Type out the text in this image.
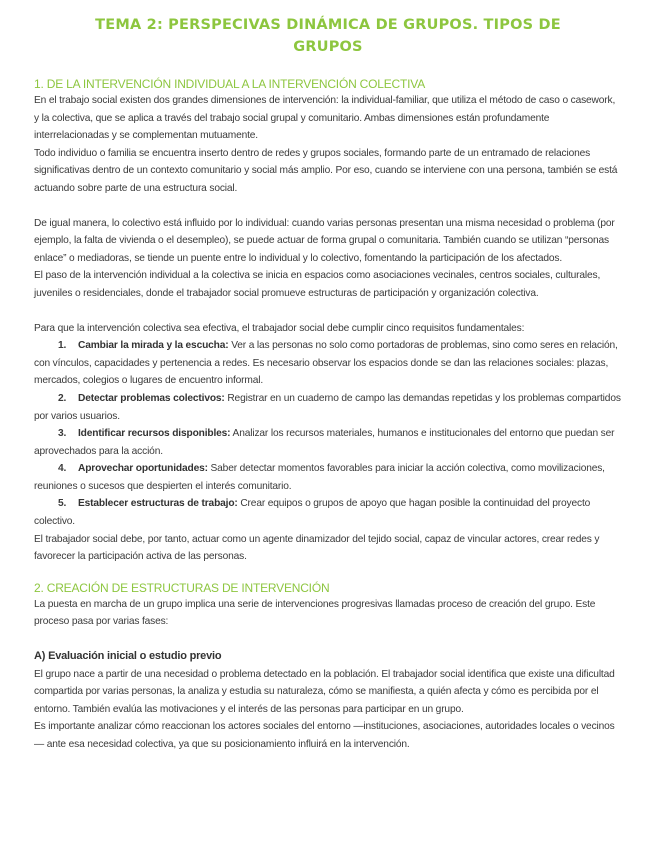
TEMA 2: PERSPECIVAS DINÁMICA DE GRUPOS. TIPOS DE GRUPOS
1. DE LA INTERVENCIÓN INDIVIDUAL A LA INTERVENCIÓN COLECTIVA

En el trabajo social existen dos grandes dimensiones de intervención: la individual-familiar, que utiliza el método de caso o casework, y la colectiva, que se aplica a través del trabajo social grupal y comunitario. Ambas dimensiones están profundamente interrelacionadas y se complementan mutuamente.

Todo individuo o familia se encuentra inserto dentro de redes y grupos sociales, formando parte de un entramado de relaciones significativas dentro de un contexto comunitario y social más amplio. Por eso, cuando se interviene con una persona, también se está actuando sobre parte de una estructura social.

De igual manera, lo colectivo está influido por lo individual: cuando varias personas presentan una misma necesidad o problema (por ejemplo, la falta de vivienda o el desempleo), se puede actuar de forma grupal o comunitaria. También cuando se utilizan “personas enlace” o mediadoras, se tiende un puente entre lo individual y lo colectivo, fomentando la participación de los afectados.

El paso de la intervención individual a la colectiva se inicia en espacios como asociaciones vecinales, centros sociales, culturales, juveniles o residenciales, donde el trabajador social promueve estructuras de participación y organización colectiva.

Para que la intervención colectiva sea efectiva, el trabajador social debe cumplir cinco requisitos fundamentales:

1. Cambiar la mirada y la escucha: Ver a las personas no solo como portadoras de problemas, sino como seres en relación, con vínculos, capacidades y pertenencia a redes. Es necesario observar los espacios donde se dan las relaciones sociales: plazas, mercados, colegios o lugares de encuentro informal.
2. Detectar problemas colectivos: Registrar en un cuaderno de campo las demandas repetidas y los problemas compartidos por varios usuarios.
3. Identificar recursos disponibles: Analizar los recursos materiales, humanos e institucionales del entorno que puedan ser aprovechados para la acción.
4. Aprovechar oportunidades: Saber detectar momentos favorables para iniciar la acción colectiva, como movilizaciones, reuniones o sucesos que despierten el interés comunitario.
5. Establecer estructuras de trabajo: Crear equipos o grupos de apoyo que hagan posible la continuidad del proyecto colectivo.

El trabajador social debe, por tanto, actuar como un agente dinamizador del tejido social, capaz de vincular actores, crear redes y favorecer la participación activa de las personas.

2. CREACIÓN DE ESTRUCTURAS DE INTERVENCIÓN

La puesta en marcha de un grupo implica una serie de intervenciones progresivas llamadas proceso de creación del grupo. Este proceso pasa por varias fases:

A) Evaluación inicial o estudio previo

El grupo nace a partir de una necesidad o problema detectado en la población. El trabajador social identifica que existe una dificultad compartida por varias personas, la analiza y estudia su naturaleza, cómo se manifiesta, a quién afecta y cómo es percibida por el entorno. También evalúa las motivaciones y el interés de las personas para participar en un grupo.

Es importante analizar cómo reaccionan los actores sociales del entorno —instituciones, asociaciones, autoridades locales o vecinos— ante esa necesidad colectiva, ya que su posicionamiento influirá en la intervención.
